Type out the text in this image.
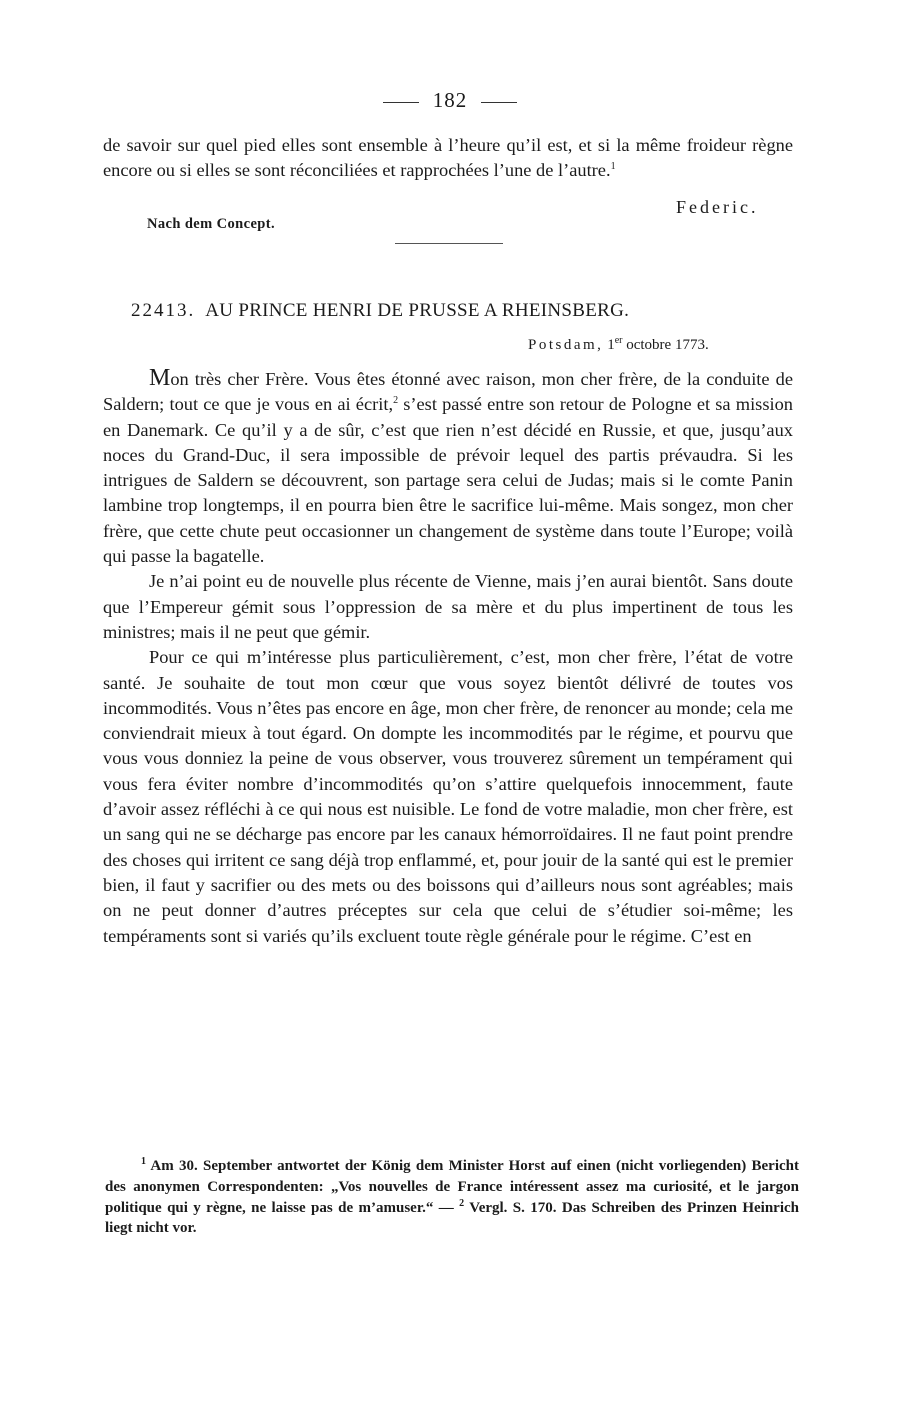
182

de savoir sur quel pied elles sont ensemble à l’heure qu’il est, et si la même froideur règne encore ou si elles se sont réconciliées et rapprochées l’une de l’autre.$^1$

Federic.
Nach dem Concept.
22413. AU PRINCE HENRI DE PRUSSE A RHEINSBERG.
Potsdam, 1er octobre 1773.

Mon très cher Frère. Vous êtes étonné avec raison, mon cher frère, de la conduite de Saldern; tout ce que je vous en ai écrit,$^2$ s’est passé entre son retour de Pologne et sa mission en Danemark. Ce qu’il y a de sûr, c’est que rien n’est décidé en Russie, et que, jusqu’aux noces du Grand-Duc, il sera impossible de prévoir lequel des partis prévaudra. Si les intrigues de Saldern se découvrent, son partage sera celui de Judas; mais si le comte Panin lambine trop longtemps, il en pourra bien être le sacrifice lui-même. Mais songez, mon cher frère, que cette chute peut occasionner un changement de système dans toute l’Europe; voilà qui passe la bagatelle.

Je n’ai point eu de nouvelle plus récente de Vienne, mais j’en aurai bientôt. Sans doute que l’Empereur gémit sous l’oppression de sa mère et du plus impertinent de tous les ministres; mais il ne peut que gémir.

Pour ce qui m’intéresse plus particulièrement, c’est, mon cher frère, l’état de votre santé. Je souhaite de tout mon cœur que vous soyez bientôt délivré de toutes vos incommodités. Vous n’êtes pas encore en âge, mon cher frère, de renoncer au monde; cela me conviendrait mieux à tout égard. On dompte les incommodités par le régime, et pourvu que vous vous donniez la peine de vous observer, vous trouverez sûrement un tempérament qui vous fera éviter nombre d’incommodités qu’on s’attire quelquefois innocemment, faute d’avoir assez réfléchi à ce qui nous est nuisible. Le fond de votre maladie, mon cher frère, est un sang qui ne se décharge pas encore par les canaux hémorroïdaires. Il ne faut point prendre des choses qui irritent ce sang déjà trop enflammé, et, pour jouir de la santé qui est le premier bien, il faut y sacrifier ou des mets ou des boissons qui d’ailleurs nous sont agréables; mais on ne peut donner d’autres préceptes sur cela que celui de s’étudier soi-même; les tempéraments sont si variés qu’ils excluent toute règle générale pour le régime. C’est en

$^1$ Am 30. September antwortet der König dem Minister Horst auf einen (nicht vorliegenden) Bericht des anonymen Correspondenten: „Vos nouvelles de France intéressent assez ma curiosité, et le jargon politique qui y règne, ne laisse pas de m’amuser.“ — $^2$ Vergl. S. 170. Das Schreiben des Prinzen Heinrich liegt nicht vor.
